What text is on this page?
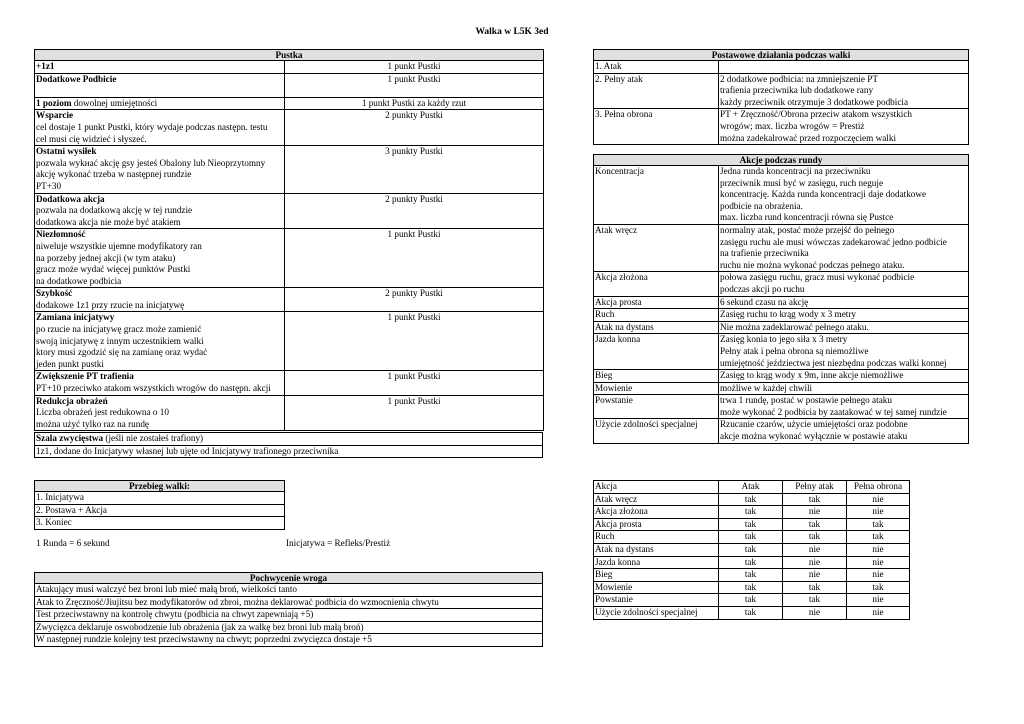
Walka w L5K 3ed
Pustka	

+1z1	1 punkt Pustki

Dodatkowe Podbicie	1 punkt Pustki
1 poziom dowolnej umiejętności	1 punkt Pustki za każdy rzut

Wsparcie
cel dostaje 1 punkt Pustki, który wydaje podczas następn. testu
cel musi cię widzieć i słyszeć.	2 punkty Pustki

Ostatni wysiłek
pozwala wykнаć akcję gsy jesteś Obalony lub Nieoprzytomny
akcję wykonać trzeba w następnej rundzie
PT+30	3 punkty Pustki

Dodatkowa akcja
pozwala na dodatkową akcję w tej rundzie
dodatkowa akcja nie może być atakiem	2 punkty Pustki

Niezłomność
niweluje wszystkie ujemne modyfikatory ran
na porzeby jednej akcji (w tym ataku)
gracz może wydać więcej punktów Pustki
na dodatkowe podbicia	1 punkt Pustki

Szybkość
dodakowe 1z1 przy rzucie na inicjatywę	2 punkty Pustki

Zamiana inicjatywy
po rzucie na inicjatywę gracz może zamienić
swoją inicjatywę z innym uczestnikiem walki
ktory musi zgodzić się na zamianę oraz wydać
jeden punkt pustki	1 punkt Pustki

Zwiększenie PT trafienia
PT+10 przeciwko atakom wszystkich wrogów do następn. akcji	1 punkt Pustki

Redukcja obrażeń
Liczba obrażeń jest redukowna o 10
można użyć tylko raz na rundę	1 punkt Pustki
Szala zwycięstwa (jeśli nie zostałeś trafiony)
1z1, dodane do Inicjatywy własnej lub ujęte od Inicjatywy trafionego przeciwnika
Przebieg walki:
1. Inicjatywa
2. Postawa + Akcja
3. Koniec
1 Runda = 6 sekund	Inicjatywa = Refleks/Prestiż
Pochwycenie wroga
Atakujący musi walczyć bez broni lub mieć małą broń, wielkości tanto
Atak to Zręczność/Jiujitsu bez modyfikatorów od zbroi, można deklarować podbicia do wzmocnienia chwytu
Test przeciwstawny na kontrolę chwytu (podbicia na chwyt zapewniają +5)
Zwycięzca deklaruje oswobodzenie lub obrażenia (jak za walkę bez broni lub małą broń)
W następnej rundzie kolejny test przeciwstawny na chwyt; poprzedni zwycięzca dostaje +5
Postawowe działania podczas walki	
1. Atak	

2. Pełny atak	2 dodatkowe podbicia: na zmniejszenie PT
trafienia przeciwnika lub dodatkowe rany
każdy przeciwnik otrzymuje 3 dodatkowe podbicia

3. Pełna obrona	PT + Zręczność/Obrona przeciw atakom wszystkich
wrogów; max. liczba wrogów = Prestiż
można zadekalrować przed rozpoczęciem walki
Akcje podczas rundy	
Koncentracja	Jedna runda koncentracji na przeciwniku
przeciwnik musi być w zasięgu, ruch neguje
koncentrację. Każda runda koncentracji daje dodatkowe
podbicie na obrażenia.
max. liczba rund koncentracji równa się Pustce

Atak wręcz	normalny atak, postać może przejść do pełnego
zasięgu ruchu ale musi wówczas zadekarować jedno podbicie
na trafienie przeciwnika
ruchu nie można wykonać podczas pełnego ataku.

Akcja złożona	połowa zasięgu ruchu, gracz musi wykonać podbicie
podczas akcji po ruchu

Akcja prosta	6 sekund czasu na akcję

Ruch	Zasięg ruchu to krąg wody x 3 metry

Atak na dystans	Nie można zadeklarować pełnego ataku.

Jazda konna	Zasięg konia to jego siła x 3 metry
Pełny atak i pełna obrona są niemożliwe
umiejętność jeździectwa jest niezbędna podczas walki konnej

Bieg	Zasięg to krąg wody x 9m, inne akcje niemożliwe

Mowienie	możliwe w każdej chwili

Powstanie	trwa 1 rundę, postać w postawie pełnego ataku
może wykonać 2 podbicia by zaatakować w tej samej rundzie

Użycie zdolności specjalnej	Rzucanie czarów, użycie umiejętości oraz podobne
akcje można wykonać wyłącznie w postawie ataku
Akcja	Atak	Pełny atak	Pełna obrona
Atak wręcz	tak	tak	nie
Akcja złożona	tak	nie	nie
Akcja prosta	tak	tak	tak
Ruch	tak	tak	tak
Atak na dystans	tak	nie	nie
Jazda konna	tak	nie	nie
Bieg	tak	nie	nie
Mowienie	tak	tak	tak
Powstanie	tak	tak	nie
Użycie zdolności specjalnej	tak	nie	nie
